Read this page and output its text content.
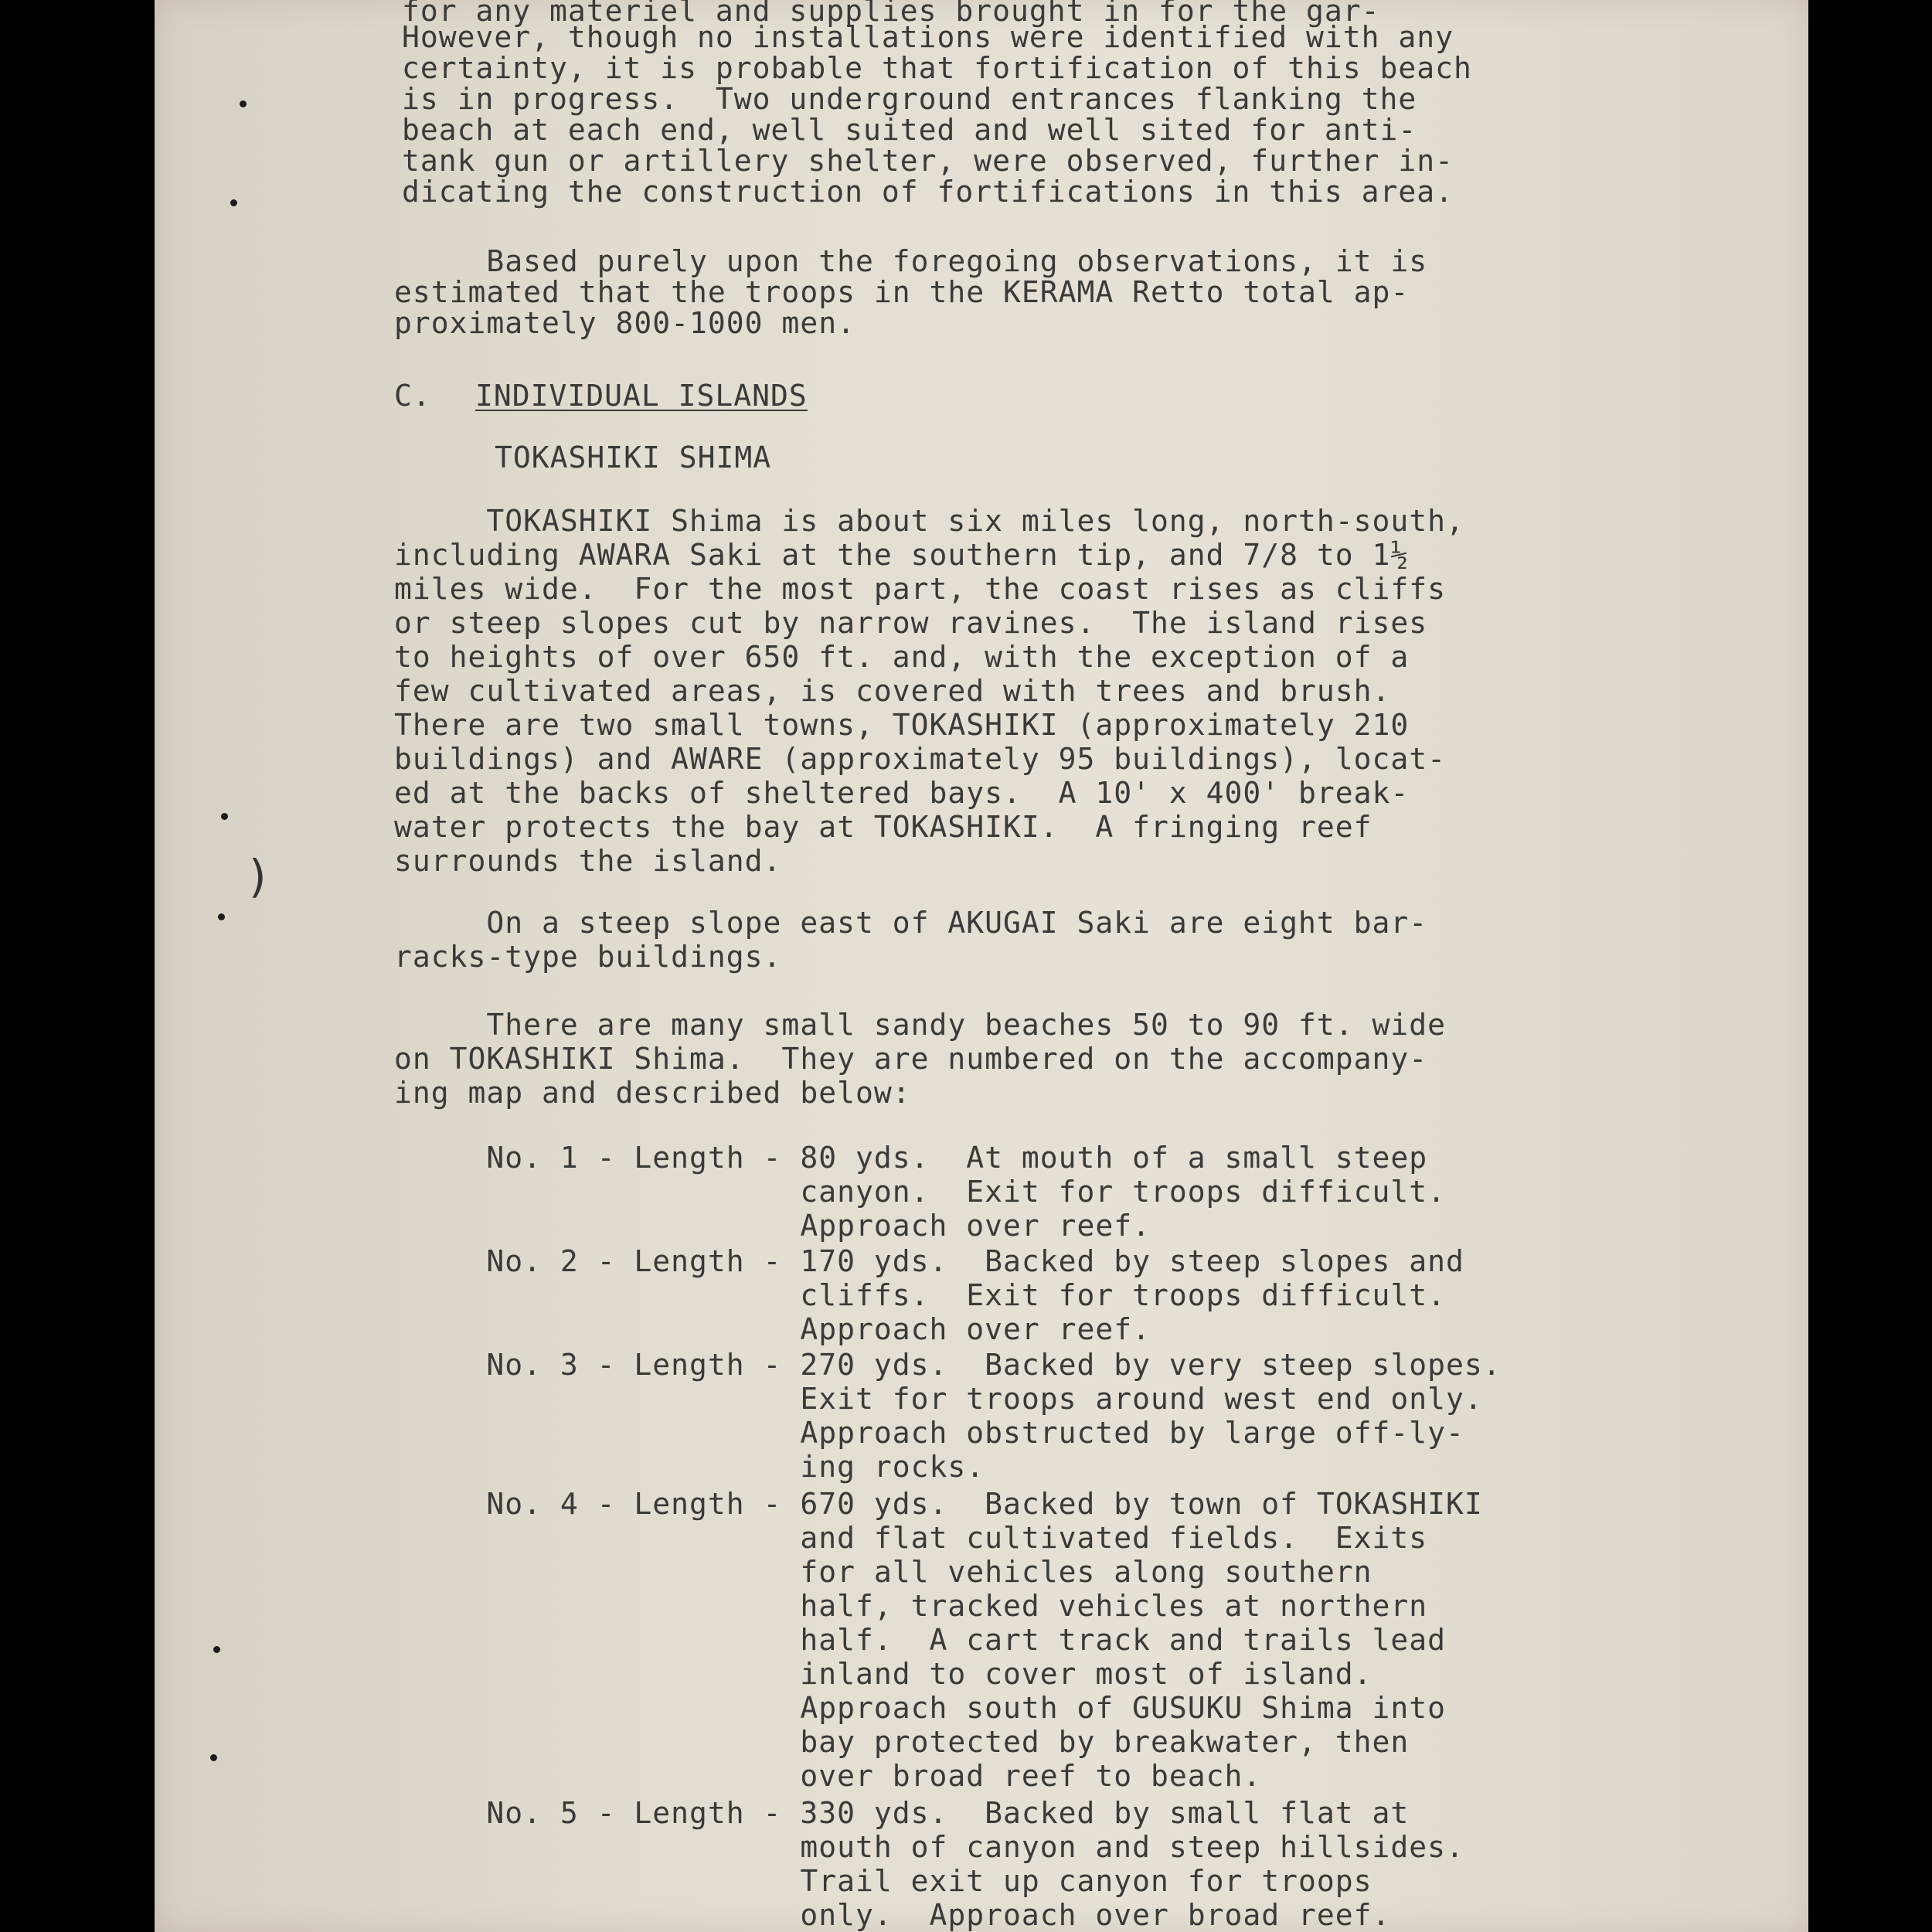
)
for any materiel and supplies brought in for the gar-
However, though no installations were identified with any
certainty, it is probable that fortification of this beach
is in progress.  Two underground entrances flanking the
beach at each end, well suited and well sited for anti-
tank gun or artillery shelter, were observed, further in-
dicating the construction of fortifications in this area.
Based purely upon the foregoing observations, it is
estimated that the troops in the KERAMA Retto total ap-
proximately 800-1000 men.
C.
TOKASHIKI SHIMA
TOKASHIKI Shima is about six miles long, north-south,
including AWARA Saki at the southern tip, and 7/8 to 1½
miles wide.  For the most part, the coast rises as cliffs
or steep slopes cut by narrow ravines.  The island rises
to heights of over 650 ft. and, with the exception of a
few cultivated areas, is covered with trees and brush.
There are two small towns, TOKASHIKI (approximately 210
buildings) and AWARE (approximately 95 buildings), locat-
ed at the backs of sheltered bays.  A 10' x 400' break-
water protects the bay at TOKASHIKI.  A fringing reef
surrounds the island.
On a steep slope east of AKUGAI Saki are eight bar-
racks-type buildings.
There are many small sandy beaches 50 to 90 ft. wide
on TOKASHIKI Shima.  They are numbered on the accompany-
ing map and described below:
No. 1 - Length - 80 yds.  At mouth of a small steep
canyon.  Exit for troops difficult.
Approach over reef.
No. 2 - Length - 170 yds.  Backed by steep slopes and
cliffs.  Exit for troops difficult.
Approach over reef.
No. 3 - Length - 270 yds.  Backed by very steep slopes.
Exit for troops around west end only.
Approach obstructed by large off-ly-
ing rocks.
No. 4 - Length - 670 yds.  Backed by town of TOKASHIKI
and flat cultivated fields.  Exits
for all vehicles along southern
half, tracked vehicles at northern
half.  A cart track and trails lead
inland to cover most of island.
Approach south of GUSUKU Shima into
bay protected by breakwater, then
over broad reef to beach.
No. 5 - Length - 330 yds.  Backed by small flat at
mouth of canyon and steep hillsides.
Trail exit up canyon for troops
only.  Approach over broad reef.
INDIVIDUAL ISLANDS
